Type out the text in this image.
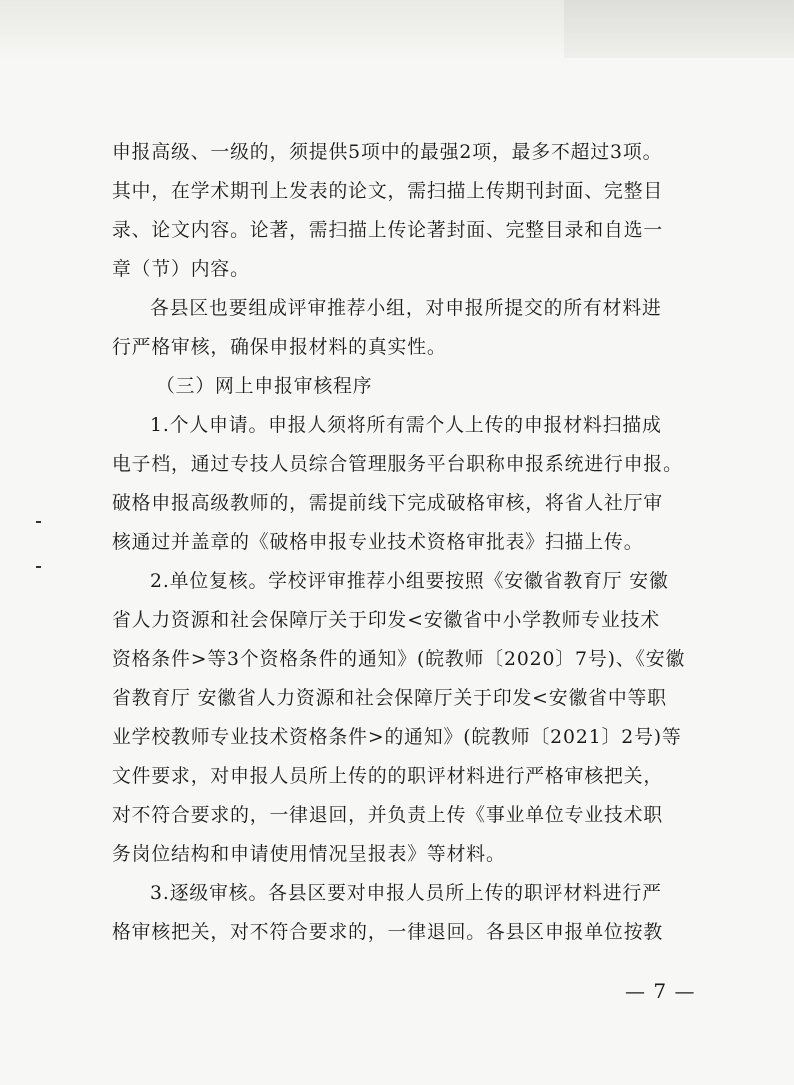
申报高级、一级的，须提供5项中的最强2项，最多不超过3项。
其中，在学术期刊上发表的论文，需扫描上传期刊封面、完整目
录、论文内容。论著，需扫描上传论著封面、完整目录和自选一
章（节）内容。
各县区也要组成评审推荐小组，对申报所提交的所有材料进
行严格审核，确保申报材料的真实性。
（三）网上申报审核程序
1.个人申请。申报人须将所有需个人上传的申报材料扫描成
电子档，通过专技人员综合管理服务平台职称申报系统进行申报。
破格申报高级教师的，需提前线下完成破格审核，将省人社厅审
核通过并盖章的《破格申报专业技术资格审批表》扫描上传。
2.单位复核。学校评审推荐小组要按照《安徽省教育厅 安徽
省人力资源和社会保障厅关于印发<安徽省中小学教师专业技术
资格条件>等3个资格条件的通知》(皖教师〔2020〕7号)、《安徽
省教育厅 安徽省人力资源和社会保障厅关于印发<安徽省中等职
业学校教师专业技术资格条件>的通知》(皖教师〔2021〕2号)等
文件要求，对申报人员所上传的的职评材料进行严格审核把关，
对不符合要求的，一律退回，并负责上传《事业单位专业技术职
务岗位结构和申请使用情况呈报表》等材料。
3.逐级审核。各县区要对申报人员所上传的职评材料进行严
格审核把关，对不符合要求的，一律退回。各县区申报单位按教
— 7 —
